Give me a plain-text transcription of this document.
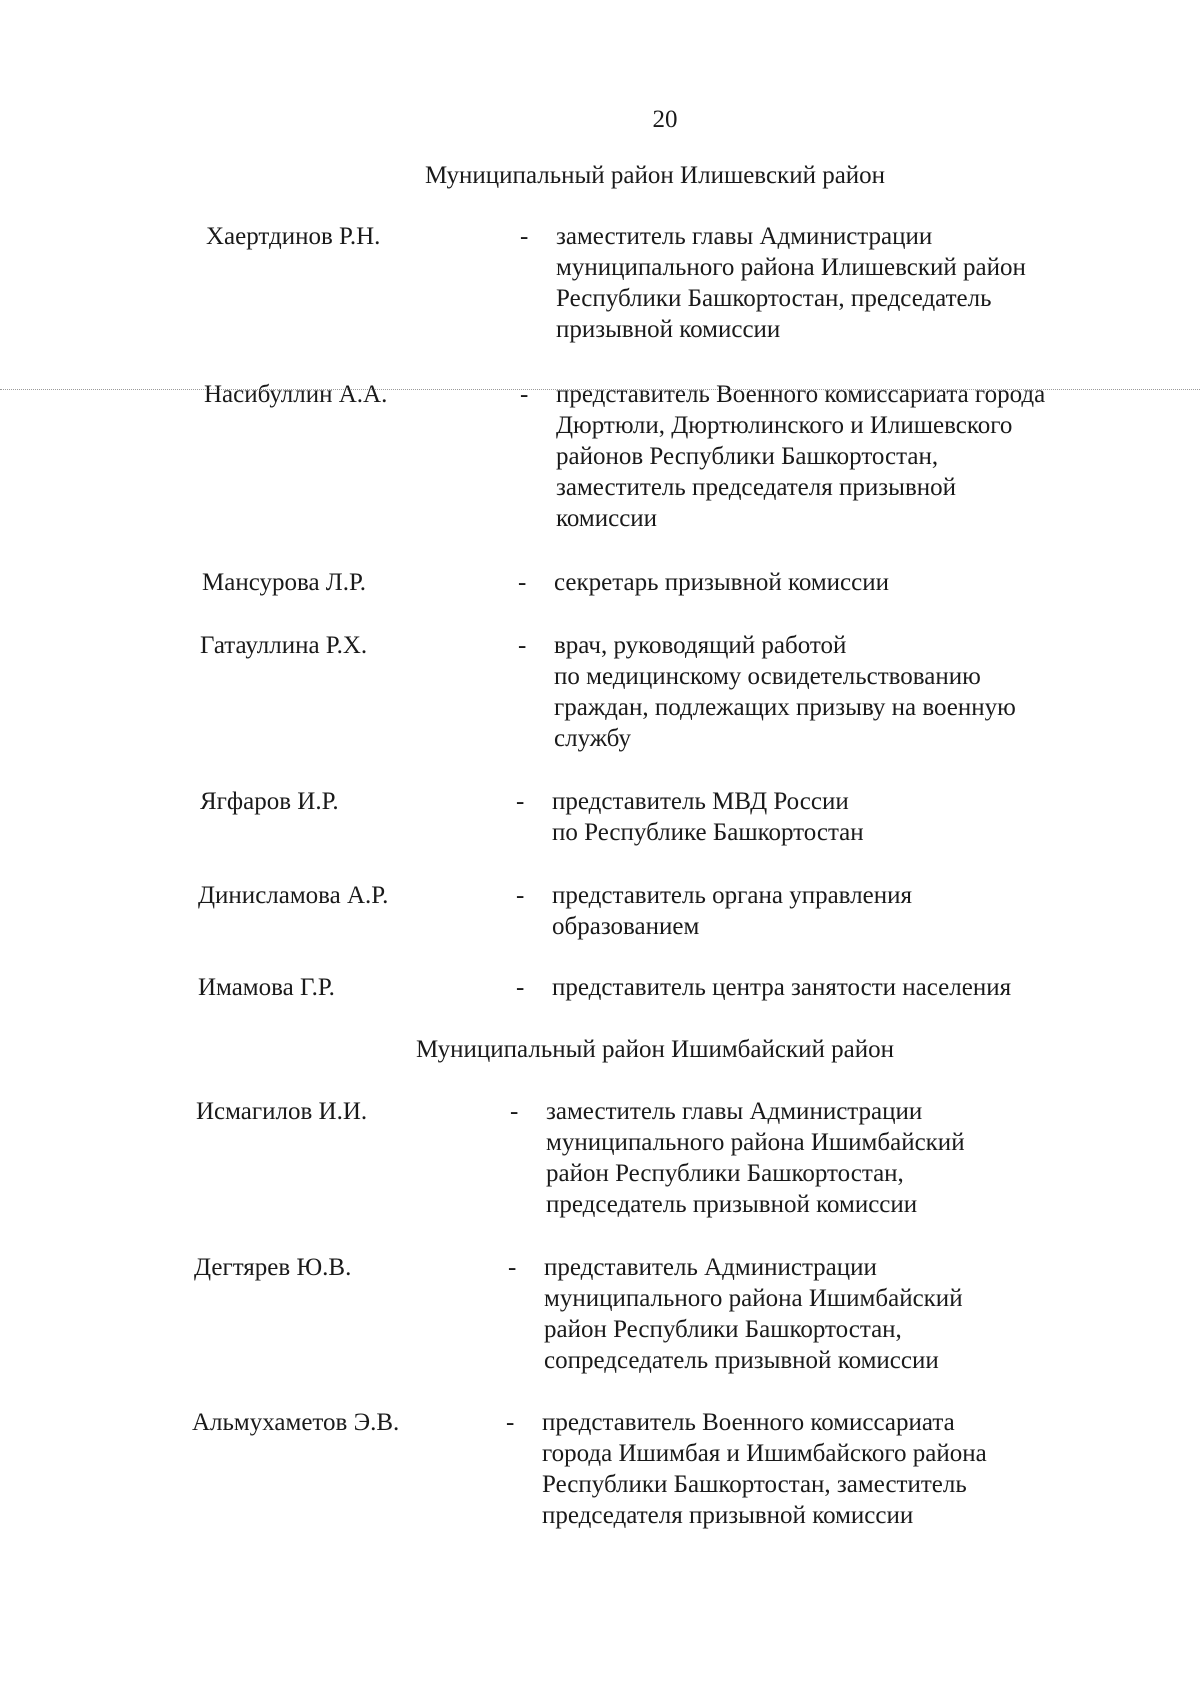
20
Муниципальный район Илишевский район
Хаертдинов Р.Н.	- заместитель главы Администрации
муниципального района Илишевский район
Республики Башкортостан, председатель
призывной комиссии
Насибуллин А.А.	- представитель Военного комиссариата города
Дюртюли, Дюртюлинского и Илишевского
районов Республики Башкортостан,
заместитель председателя призывной
комиссии
Мансурова Л.Р.	- секретарь призывной комиссии
Гатауллина Р.Х.	- врач, руководящий работой
по медицинскому освидетельствованию
граждан, подлежащих призыву на военную
службу
Ягфаров И.Р.	- представитель МВД России
по Республике Башкортостан
Динисламова А.Р.	- представитель органа управления
образованием
Имамова Г.Р.	- представитель центра занятости населения
Муниципальный район Ишимбайский район
Исмагилов И.И.	- заместитель главы Администрации
муниципального района Ишимбайский
район Республики Башкортостан,
председатель призывной комиссии
Дегтярев Ю.В.	- представитель Администрации
муниципального района Ишимбайский
район Республики Башкортостан,
сопредседатель призывной комиссии
Альмухаметов Э.В.	- представитель Военного комиссариата
города Ишимбая и Ишимбайского района
Республики Башкортостан, заместитель
председателя призывной комиссии
